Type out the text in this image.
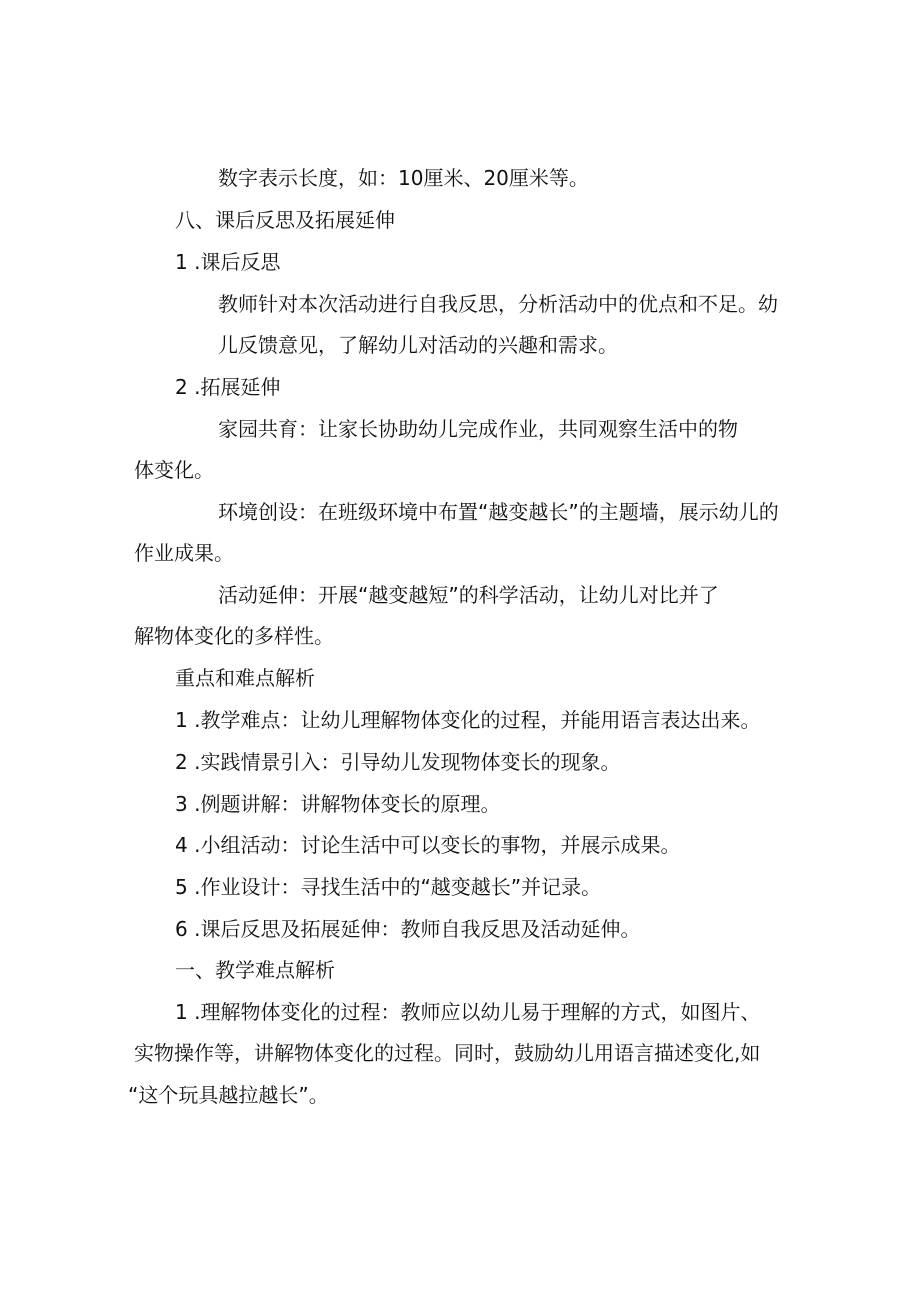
数字表示长度，如：10厘米、20厘米等。

八、课后反思及拓展延伸

1 .课后反思

教师针对本次活动进行自我反思，分析活动中的优点和不足。幼

儿反馈意见，了解幼儿对活动的兴趣和需求。

2 .拓展延伸

家园共育：让家长协助幼儿完成作业，共同观察生活中的物

体变化。

环境创设：在班级环境中布置“越变越长”的主题墙，展示幼儿的

作业成果。

活动延伸：开展“越变越短”的科学活动，让幼儿对比并了

解物体变化的多样性。

重点和难点解析

1 .教学难点：让幼儿理解物体变化的过程，并能用语言表达出来。

2 .实践情景引入：引导幼儿发现物体变长的现象。

3 .例题讲解：讲解物体变长的原理。

4 .小组活动：讨论生活中可以变长的事物，并展示成果。

5 .作业设计：寻找生活中的“越变越长”并记录。

6 .课后反思及拓展延伸：教师自我反思及活动延伸。

一、教学难点解析

1 .理解物体变化的过程：教师应以幼儿易于理解的方式，如图片、

实物操作等，讲解物体变化的过程。同时，鼓励幼儿用语言描述变化,如

“这个玩具越拉越长”。
